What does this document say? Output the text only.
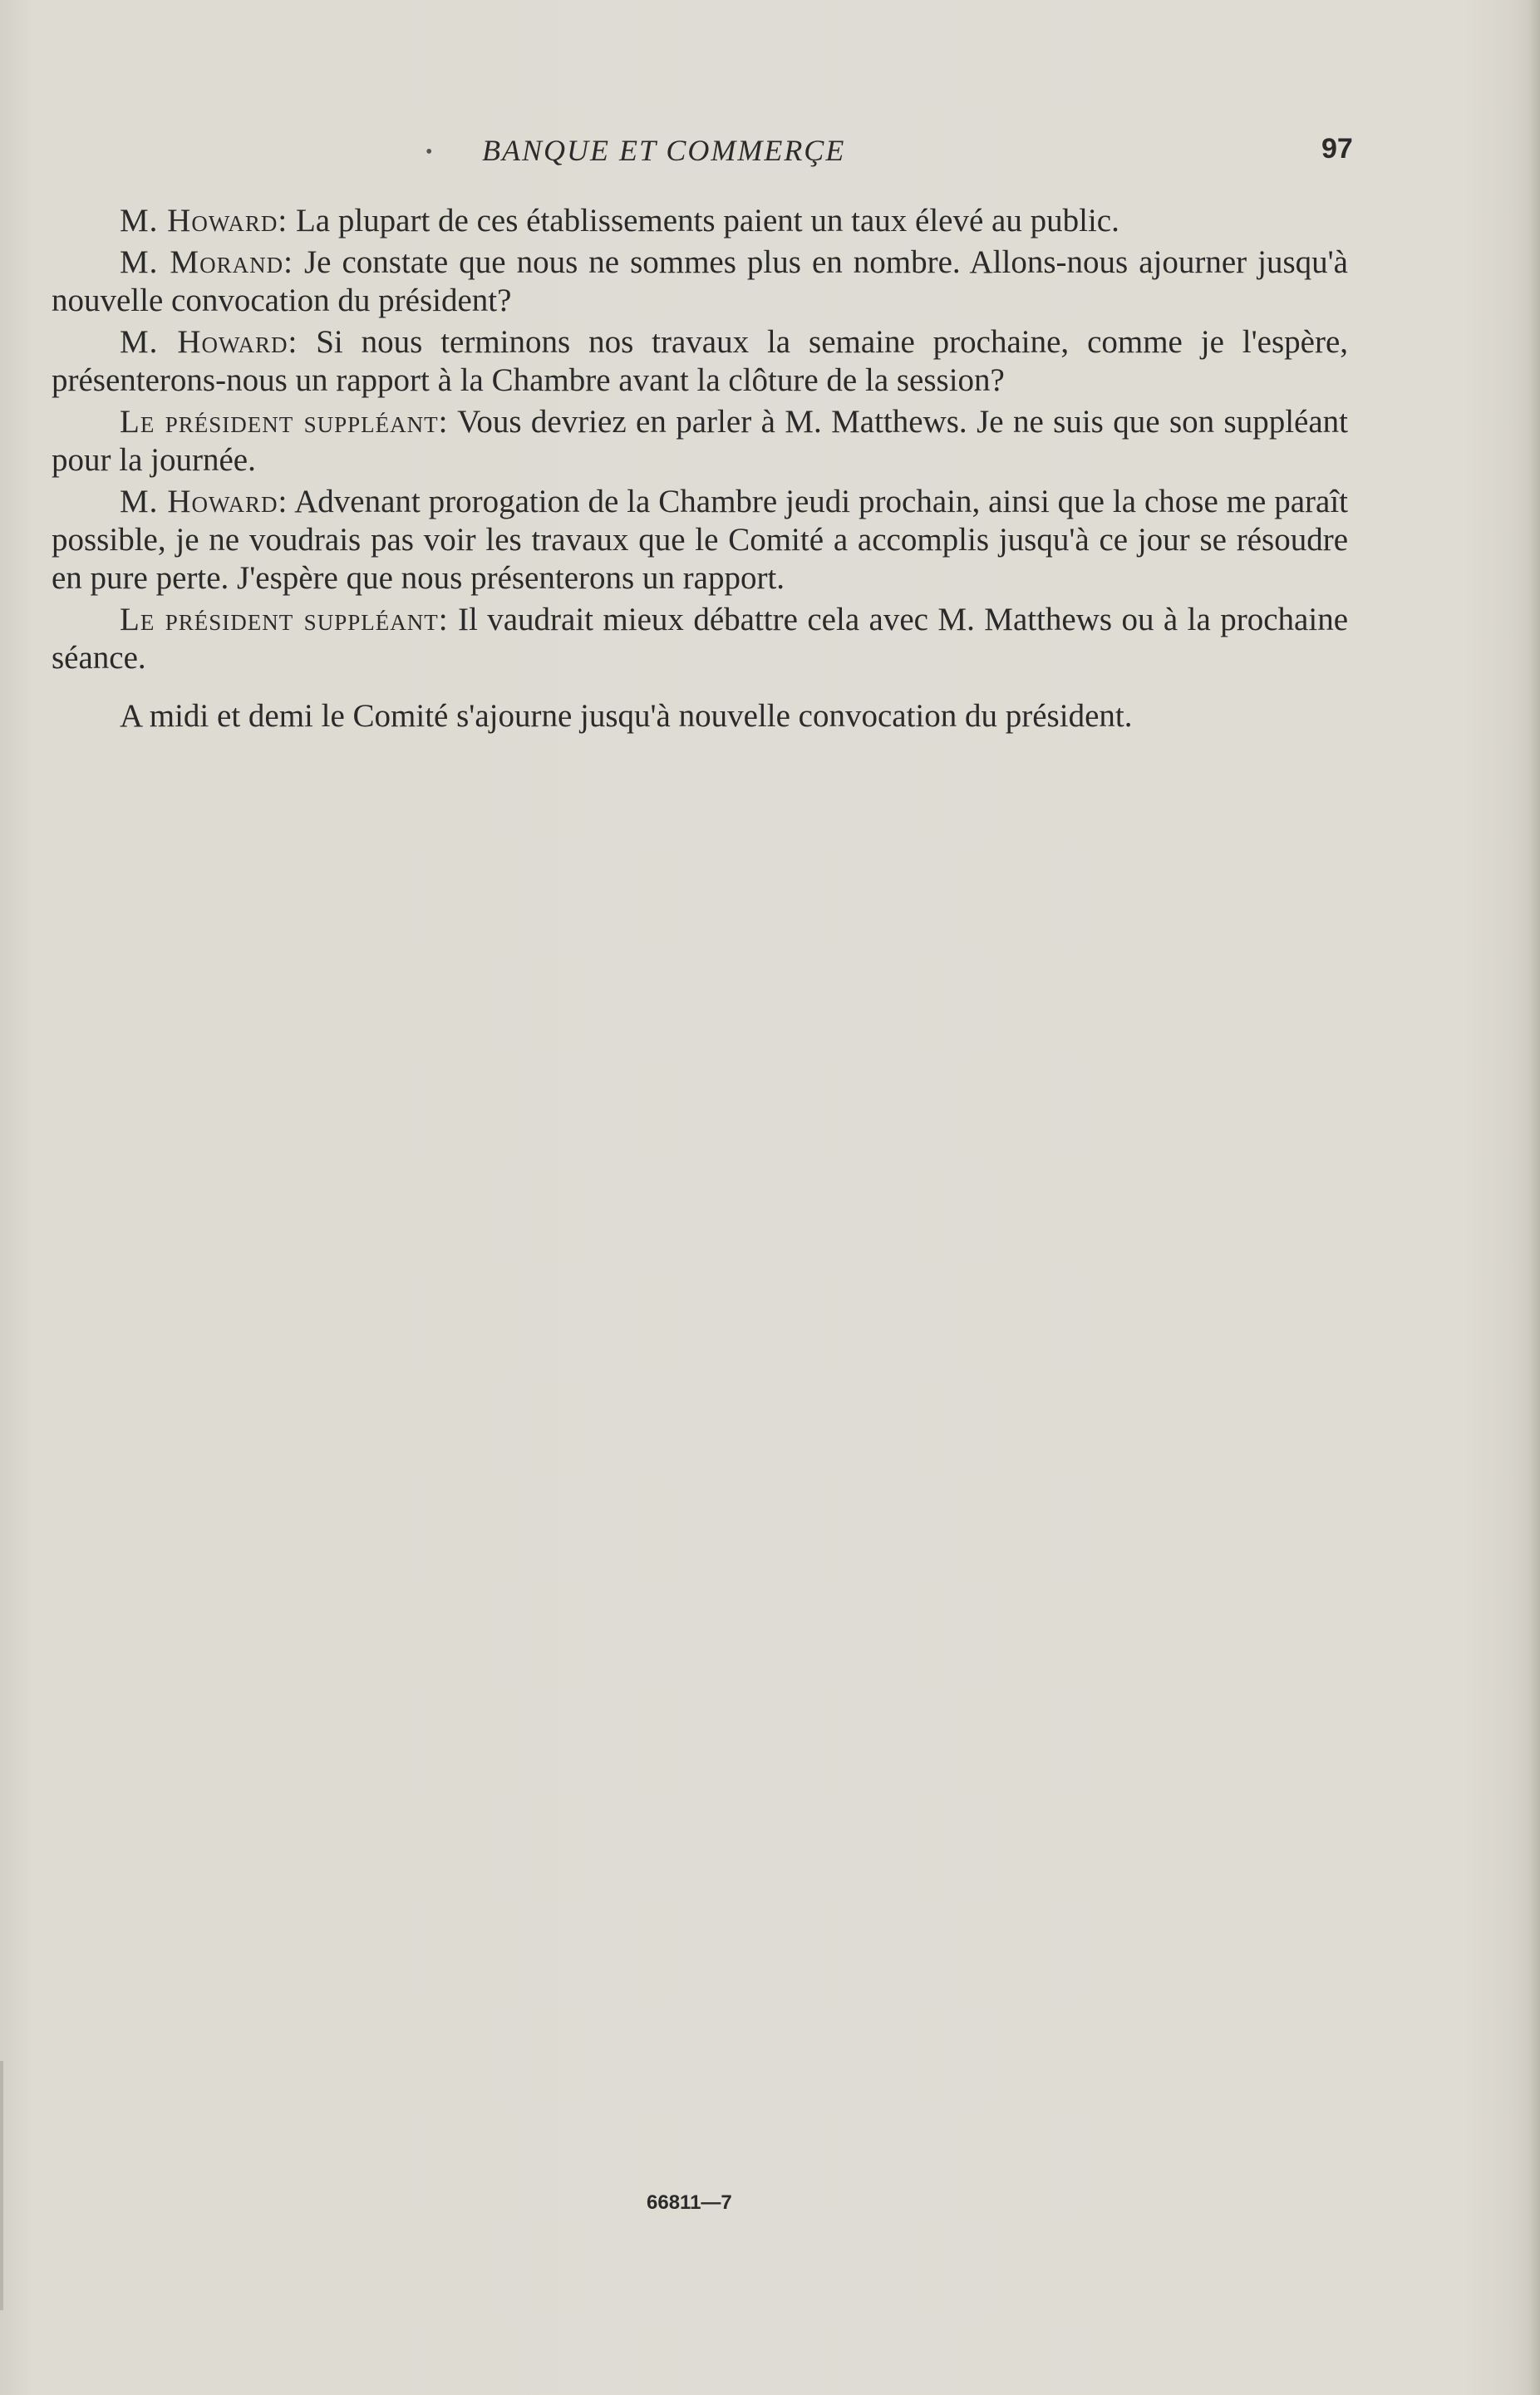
• BANQUE ET COMMERÇE	97

M. Howard: La plupart de ces établissements paient un taux élevé au public.

M. Morand: Je constate que nous ne sommes plus en nombre. Allons-nous ajourner jusqu'à nouvelle convocation du président?

M. Howard: Si nous terminons nos travaux la semaine prochaine, comme je l'espère, présenterons-nous un rapport à la Chambre avant la clôture de la session?

Le président suppléant: Vous devriez en parler à M. Matthews. Je ne suis que son suppléant pour la journée.

M. Howard: Advenant prorogation de la Chambre jeudi prochain, ainsi que la chose me paraît possible, je ne voudrais pas voir les travaux que le Comité a accomplis jusqu'à ce jour se résoudre en pure perte. J'espère que nous présenterons un rapport.

Le président suppléant: Il vaudrait mieux débattre cela avec M. Matthews ou à la prochaine séance.

A midi et demi le Comité s'ajourne jusqu'à nouvelle convocation du président.

66811—7
